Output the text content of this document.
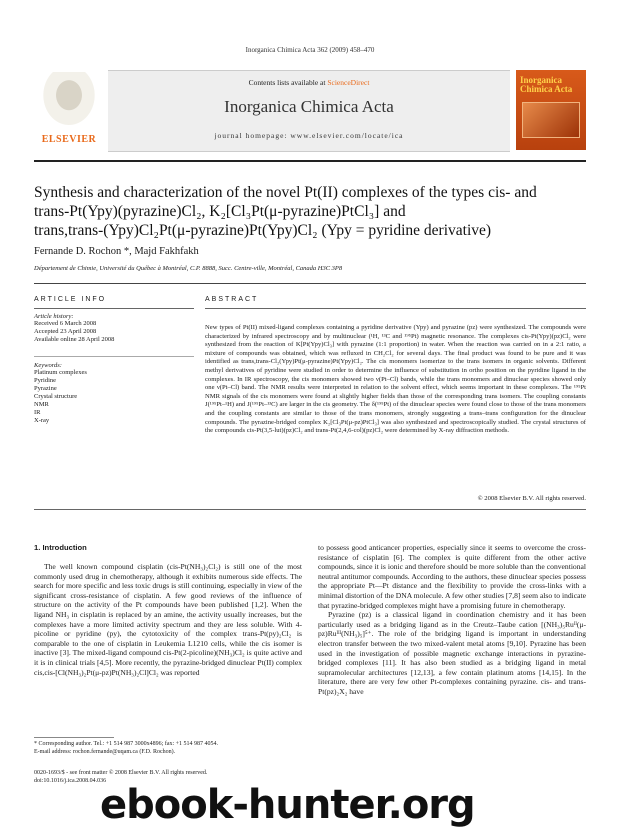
Inorganica Chimica Acta 362 (2009) 458–470
ELSEVIER
Contents lists available at ScienceDirect
Inorganica Chimica Acta
journal homepage: www.elsevier.com/locate/ica
Inorganica Chimica Acta
Synthesis and characterization of the novel Pt(II) complexes of the types cis- and
trans-Pt(Ypy)(pyrazine)Cl₂, K₂[Cl₃Pt(μ-pyrazine)PtCl₃] and
trans,trans-(Ypy)Cl₂Pt(μ-pyrazine)Pt(Ypy)Cl₂ (Ypy = pyridine derivative)
Fernande D. Rochon *, Majd Fakhfakh
Département de Chimie, Université du Québec à Montréal, C.P. 8888, Succ. Centre-ville, Montréal, Canada H3C 3P8
ARTICLE INFO
Article history:
Received 6 March 2008
Accepted 23 April 2008
Available online 28 April 2008
Keywords:
Platinum complexes
Pyridine
Pyrazine
Crystal structure
NMR
IR
X-ray
ABSTRACT
New types of Pt(II) mixed-ligand complexes containing a pyridine derivative (Ypy) and pyrazine (pz) were synthesized. The compounds were characterized by infrared spectroscopy and by multinuclear (¹H, ¹³C and ¹⁹⁵Pt) magnetic resonance. The complexes cis-Pt(Ypy)(pz)Cl₂ were synthesized from the reaction of K[Pt(Ypy)Cl₃] with pyrazine (1:1 proportion) in water. When the reaction was carried on in a 2:1 ratio, a mixture of compounds was obtained, which was refluxed in CH₂Cl₂ for several days. The final product was found to be pure and it was identified as trans,trans-Cl₂(Ypy)Pt(μ-pyrazine)Pt(Ypy)Cl₂. The cis monomers isomerize to the trans isomers in organic solvents. Different methyl derivatives of pyridine were studied in order to determine the influence of substitution in ortho position on the pyridine ligand in the complexes. In IR spectroscopy, the cis monomers showed two ν(Pt–Cl) bands, while the trans monomers and dinuclear species showed only one ν(Pt–Cl) band. The NMR results were interpreted in relation to the solvent effect, which seems important in these complexes. The ¹⁹⁵Pt NMR signals of the cis monomers were found at slightly higher fields than those of the corresponding trans isomers. The coupling constants J(¹⁹⁵Pt–¹H) and J(¹⁹⁵Pt–¹³C) are larger in the cis geometry. The δ(¹⁹⁵Pt) of the dinuclear species were found close to those of the trans monomers and the coupling constants are similar to those of the trans monomers, strongly suggesting a trans–trans configuration for the dinuclear compounds. The pyrazine-bridged complex K₂[Cl₃Pt(μ-pz)PtCl₃] was also synthesized and spectroscopically studied. The crystal structures of the compounds cis-Pt(3,5-lut)(pz)Cl₂ and trans-Pt(2,4,6-col)(pz)Cl₂ were determined by X-ray diffraction methods.
© 2008 Elsevier B.V. All rights reserved.
1. Introduction
The well known compound cisplatin (cis-Pt(NH₃)₂Cl₂) is still one of the most commonly used drug in chemotherapy, although it exhibits numerous side effects. The search for more specific and less toxic drugs is still continuing, especially in view of the significant cross-resistance of cisplatin. A few good reviews of the influence of structure on the activity of the Pt compounds have been published [1,2]. When the ligand NH₃ in cisplatin is replaced by an amine, the activity usually increases, but the complexes have a more limited activity spectrum and they are less soluble. With 4-picoline or pyridine (py), the cytotoxicity of the complex trans-Pt(py)₂Cl₂ is comparable to the one of cisplatin in Leukemia L1210 cells, while the cis isomer is inactive [3]. The mixed-ligand compound cis-Pt(2-picoline)(NH₃)Cl₂ is quite active and it is in clinical trials [4,5]. More recently, the pyrazine-bridged dinuclear Pt(II) complex cis,cis-[Cl(NH₃)₂Pt(μ-pz)Pt(NH₃)₂Cl]Cl₂ was reported
to possess good anticancer properties, especially since it seems to overcome the cross-resistance of cisplatin [6]. The complex is quite different from the other active compounds, since it is ionic and therefore should be more soluble than the conventional neutral antitumor compounds. According to the authors, these dinuclear species possess the appropriate Pt—Pt distance and the flexibility to provide the cross-links with a minimal distortion of the DNA molecule. A few other studies [7,8] seem also to indicate that pyrazine-bridged complexes might have a promising future in chemotherapy.
Pyrazine (pz) is a classical ligand in coordination chemistry and it has been particularly used as a bridging ligand as in the Creutz–Taube cation [(NH₃)₅Ruᴵᴵ(μ-pz)Ruᴵᴵᴵ(NH₃)₅]⁵⁺. The role of the bridging ligand is important in understanding electron transfer between the two mixed-valent metal atoms [9,10]. Pyrazine has been used in the investigation of possible magnetic exchange interactions in pyrazine-bridged complexes [11]. It has also been studied as a bridging ligand in metal supramolecular architectures [12,13], a few contain platinum atoms [14,15]. In the literature, there are very few other Pt-complexes containing pyrazine. cis- and trans-Pt(pz)₂X₂ have
* Corresponding author. Tel.: +1 514 987 3000x4896; fax: +1 514 987 4054.
E-mail address: rochon.fernande@uqam.ca (F.D. Rochon).
0020-1693/$ - see front matter © 2008 Elsevier B.V. All rights reserved.
doi:10.1016/j.ica.2008.04.036
ebook-hunter.org
